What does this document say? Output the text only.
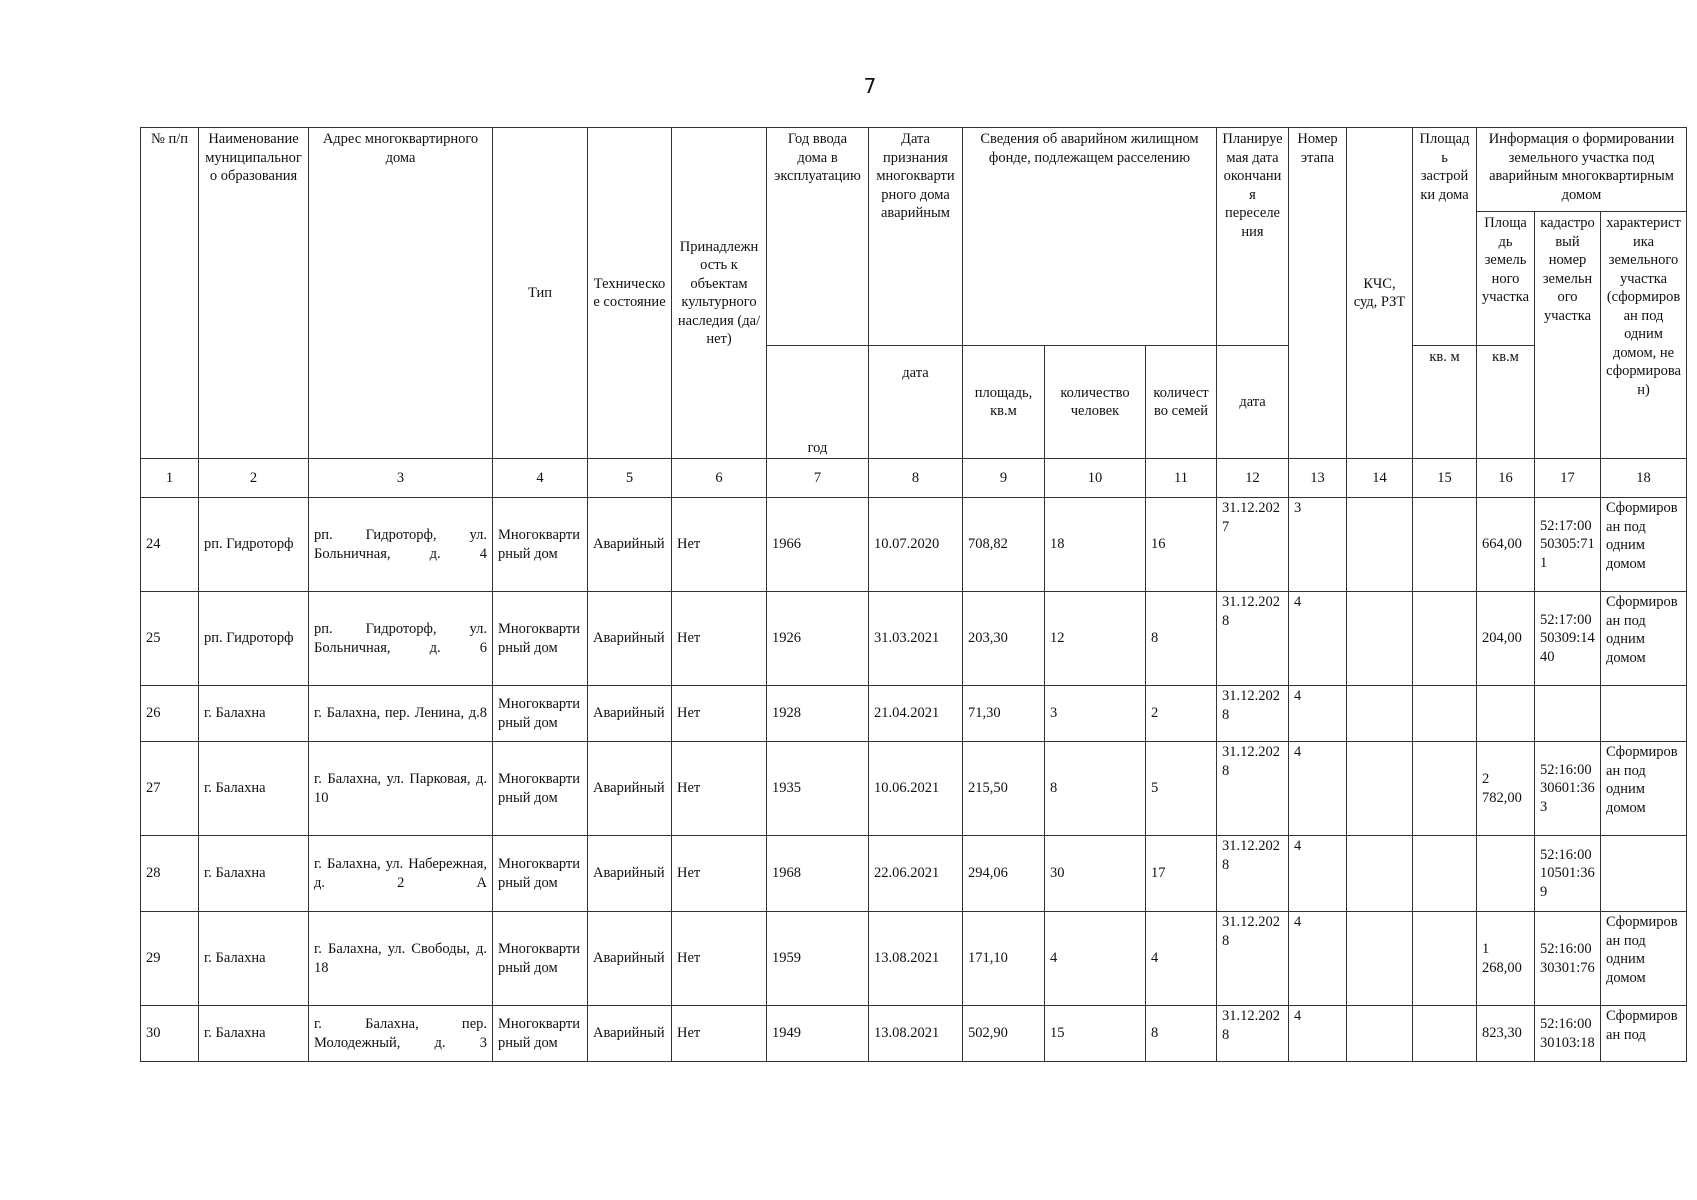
7
№ п/п	Наименование муниципального образования	Адрес многоквартирного дома	Тип	Техническое состояние	Принадлежность к объектам культурного наследия (да/нет)	Год ввода дома в эксплуатацию	Дата признания многоквартирного дома аварийным	Сведения об аварийном жилищном фонде, подлежащем расселению			Планируемая дата окончания переселения	Номер этапа	КЧС, суд, РЗТ	Площадь застройки дома	Информация о формировании земельного участка под аварийным многоквартирным домом		
															Площадь земельного участка	кадастровый номер земельного участка	характеристика земельного участка (сформирован под одним домом, не сформирован)
						год	дата	площадь, кв.м	количество человек	количество семей	дата			кв. м	кв.м		
1	2	3	4	5	6	7	8	9	10	11	12	13	14	15	16	17	18
24	рп. Гидроторф	рп. Гидроторф, ул. Больничная, д. 4	Многоквартирный дом	Аварийный	Нет	1966	10.07.2020	708,82	18	16	31.12.2027	3			664,00	52:17:0050305:711	Сформирован под одним домом
25	рп. Гидроторф	рп. Гидроторф, ул. Больничная, д. 6	Многоквартирный дом	Аварийный	Нет	1926	31.03.2021	203,30	12	8	31.12.2028	4			204,00	52:17:0050309:1440	Сформирован под одним домом
26	г. Балахна	г. Балахна, пер. Ленина, д.8	Многоквартирный дом	Аварийный	Нет	1928	21.04.2021	71,30	3	2	31.12.2028	4					
27	г. Балахна	г. Балахна, ул. Парковая, д. 10	Многоквартирный дом	Аварийный	Нет	1935	10.06.2021	215,50	8	5	31.12.2028	4			2 782,00	52:16:0030601:363	Сформирован под одним домом
28	г. Балахна	г. Балахна, ул. Набережная, д. 2 А	Многоквартирный дом	Аварийный	Нет	1968	22.06.2021	294,06	30	17	31.12.2028	4				52:16:0010501:369	
29	г. Балахна	г. Балахна, ул. Свободы, д. 18	Многоквартирный дом	Аварийный	Нет	1959	13.08.2021	171,10	4	4	31.12.2028	4			1 268,00	52:16:0030301:76	Сформирован под одним домом
30	г. Балахна	г. Балахна, пер. Молодежный, д. 3	Многоквартирный дом	Аварийный	Нет	1949	13.08.2021	502,90	15	8	31.12.2028	4			823,30	52:16:0030103:18	Сформирован под
